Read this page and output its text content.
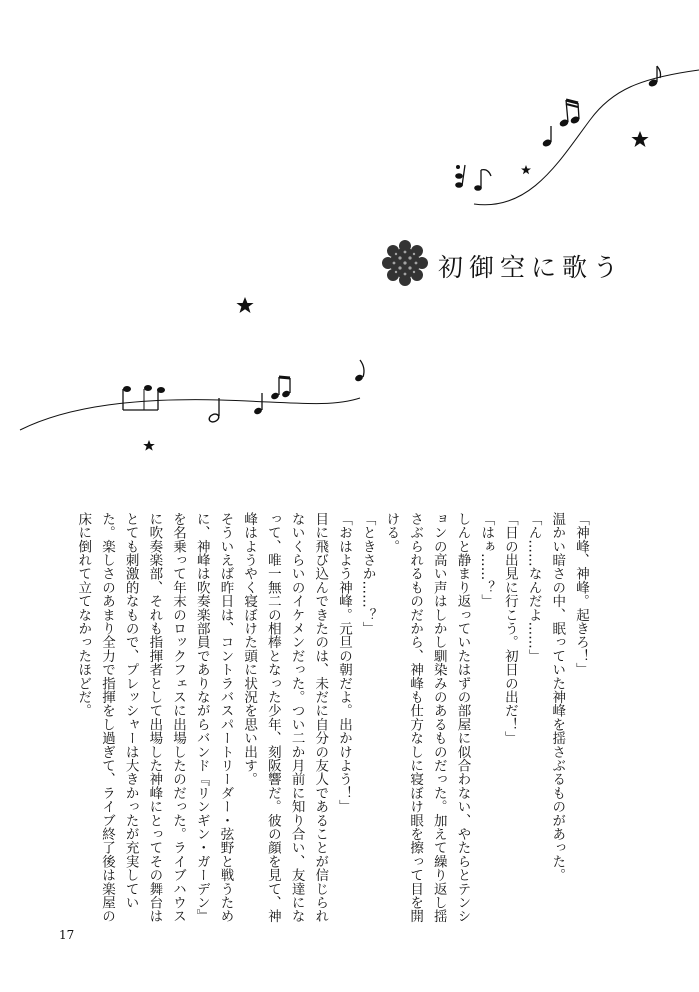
初御空に歌う

「神峰、神峰。起きろ！」

温かい暗さの中、眠っていた神峰を揺さぶるものがあった。

「ん……なんだよ……」

「日の出見に行こう。初日の出だ！」

「はぁ……？」

しんと静まり返っていたはずの部屋に似合わない、やたらとテンションの高い声はしかし馴染みのあるものだった。加えて繰り返し揺さぶられるものだから、神峰も仕方なしに寝ぼけ眼を擦って目を開ける。

「ときさか……？」

「おはよう神峰。元旦の朝だよ。出かけよう！」

目に飛び込んできたのは、未だに自分の友人であることが信じられないくらいのイケメンだった。つい二か月前に知り合い、友達になって、唯一無二の相棒となった少年、刻阪響だ。彼の顔を見て、神峰はようやく寝ぼけた頭に状況を思い出す。

そういえば昨日は、コントラバスパートリーダー・弦野と戦うために、神峰は吹奏楽部員でありながらバンド『リンギン・ガーデン』を名乗って年末のロックフェスに出場したのだった。ライブハウスに吹奏楽部、それも指揮者として出場した神峰にとってその舞台はとても刺激的なもので、プレッシャーは大きかったが充実していた。楽しさのあまり全力で指揮をし過ぎて、ライブ終了後は楽屋の床に倒れて立てなかったほどだ。

17
